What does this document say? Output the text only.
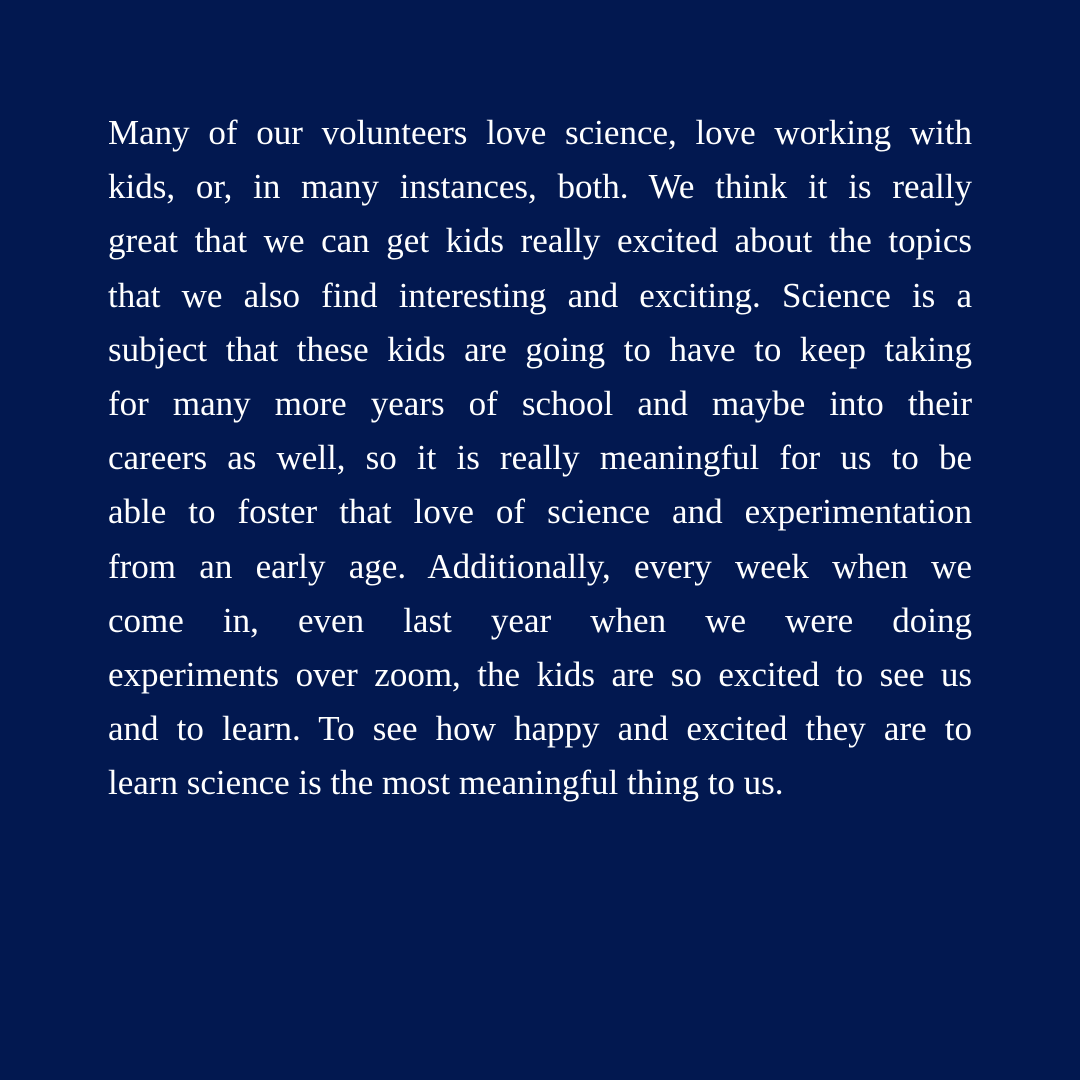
Many of our volunteers love science, love working with
kids, or, in many instances, both. We think it is really
great that we can get kids really excited about the topics
that we also find interesting and exciting. Science is a
subject that these kids are going to have to keep taking
for many more years of school and maybe into their
careers as well, so it is really meaningful for us to be
able to foster that love of science and experimentation
from an early age. Additionally, every week when we
come in, even last year when we were doing
experiments over zoom, the kids are so excited to see us
and to learn. To see how happy and excited they are to
learn science is the most meaningful thing to us.
